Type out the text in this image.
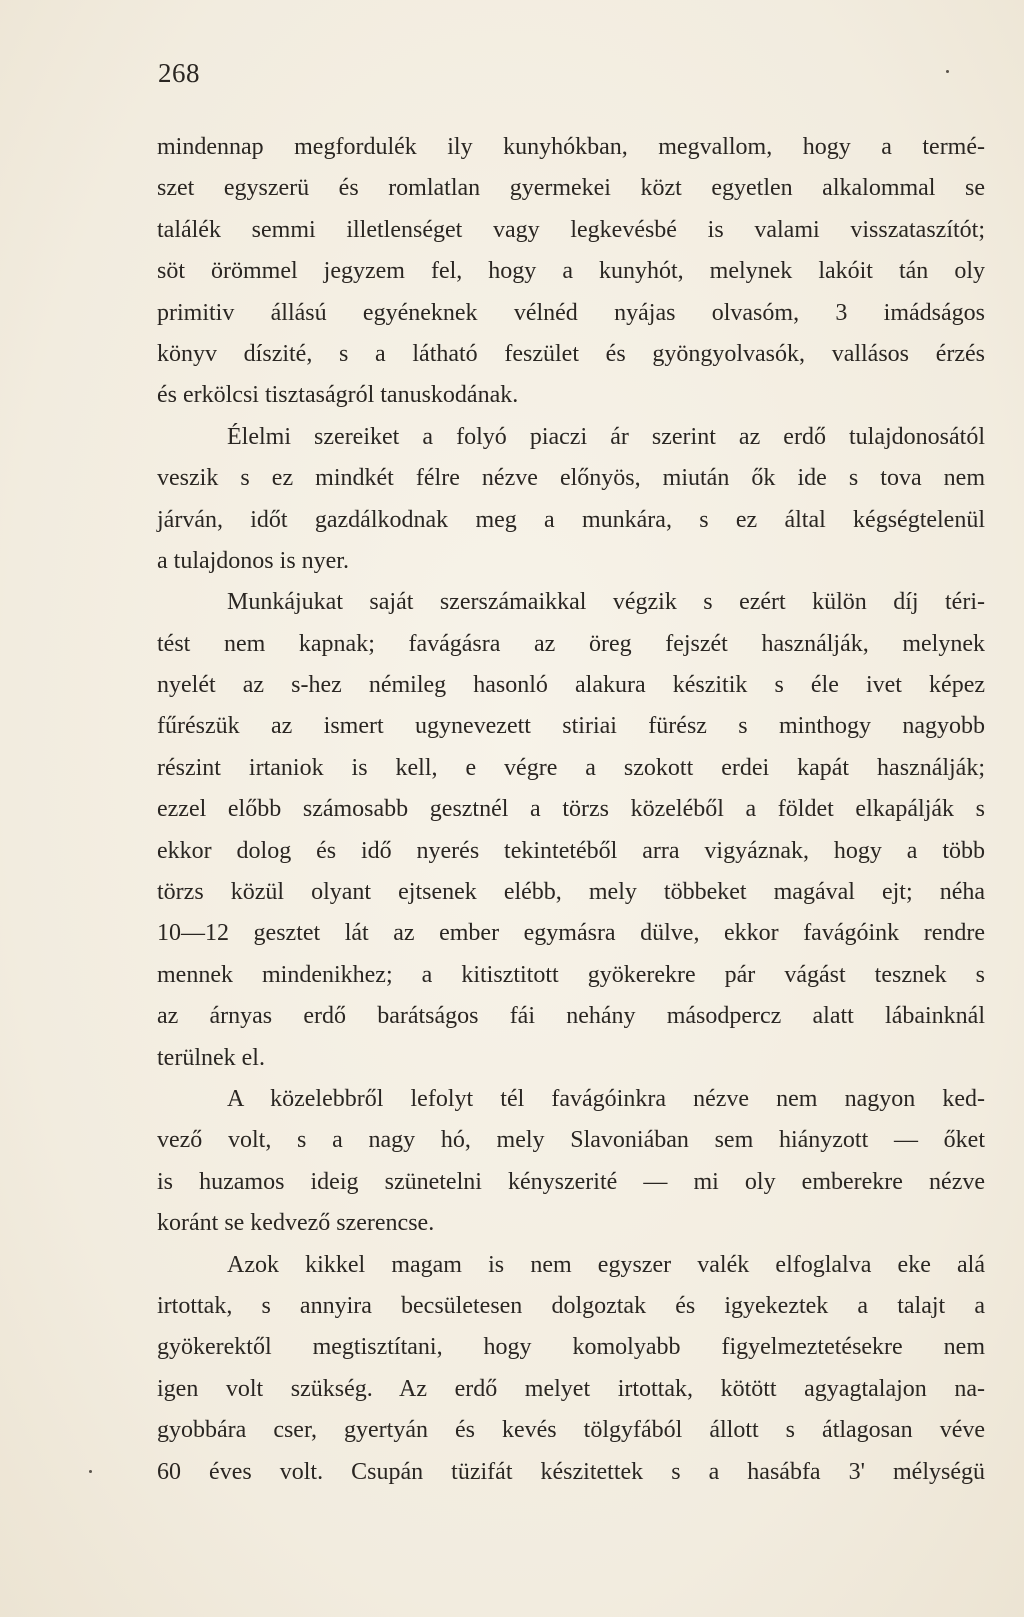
268
mindennap megfordulék ily kunyhókban, megvallom, hogy a termé-
szet egyszerü és romlatlan gyermekei közt egyetlen alkalommal se
találék semmi illetlenséget vagy legkevésbé is valami visszataszítót;
söt örömmel jegyzem fel, hogy a kunyhót, melynek lakóit tán oly
primitiv állású egyéneknek vélnéd nyájas olvasóm, 3 imádságos
könyv díszité, s a látható feszület és gyöngyolvasók, vallásos érzés
és erkölcsi tisztaságról tanuskodának.
Élelmi szereiket a folyó piaczi ár szerint az erdő tulajdonosától
veszik s ez mindkét félre nézve előnyös, miután ők ide s tova nem
járván, időt gazdálkodnak meg a munkára, s ez által kégségtelenül
a tulajdonos is nyer.
Munkájukat saját szerszámaikkal végzik s ezért külön díj téri-
tést nem kapnak; favágásra az öreg fejszét használják, melynek
nyelét az s-hez némileg hasonló alakura készitik s éle ivet képez
fűrészük az ismert ugynevezett stiriai fürész s minthogy nagyobb
részint irtaniok is kell, e végre a szokott erdei kapát használják;
ezzel előbb számosabb gesztnél a törzs közeléből a földet elkapálják s
ekkor dolog és idő nyerés tekintetéből arra vigyáznak, hogy a több
törzs közül olyant ejtsenek elébb, mely többeket magával ejt; néha
10—12 gesztet lát az ember egymásra dülve, ekkor favágóink rendre
mennek mindenikhez; a kitisztitott gyökerekre pár vágást tesznek s
az árnyas erdő barátságos fái nehány másodpercz alatt lábainknál
terülnek el.
A közelebbről lefolyt tél favágóinkra nézve nem nagyon ked-
vező volt, s a nagy hó, mely Slavoniában sem hiányzott — őket
is huzamos ideig szünetelni kényszerité — mi oly emberekre nézve
koránt se kedvező szerencse.
Azok kikkel magam is nem egyszer valék elfoglalva eke alá
irtottak, s annyira becsületesen dolgoztak és igyekeztek a talajt a
gyökerektől megtisztítani, hogy komolyabb figyelmeztetésekre nem
igen volt szükség. Az erdő melyet irtottak, kötött agyagtalajon na-
gyobbára cser, gyertyán és kevés tölgyfából állott s átlagosan véve
60 éves volt. Csupán tüzifát készitettek s a hasábfa 3' mélységü
